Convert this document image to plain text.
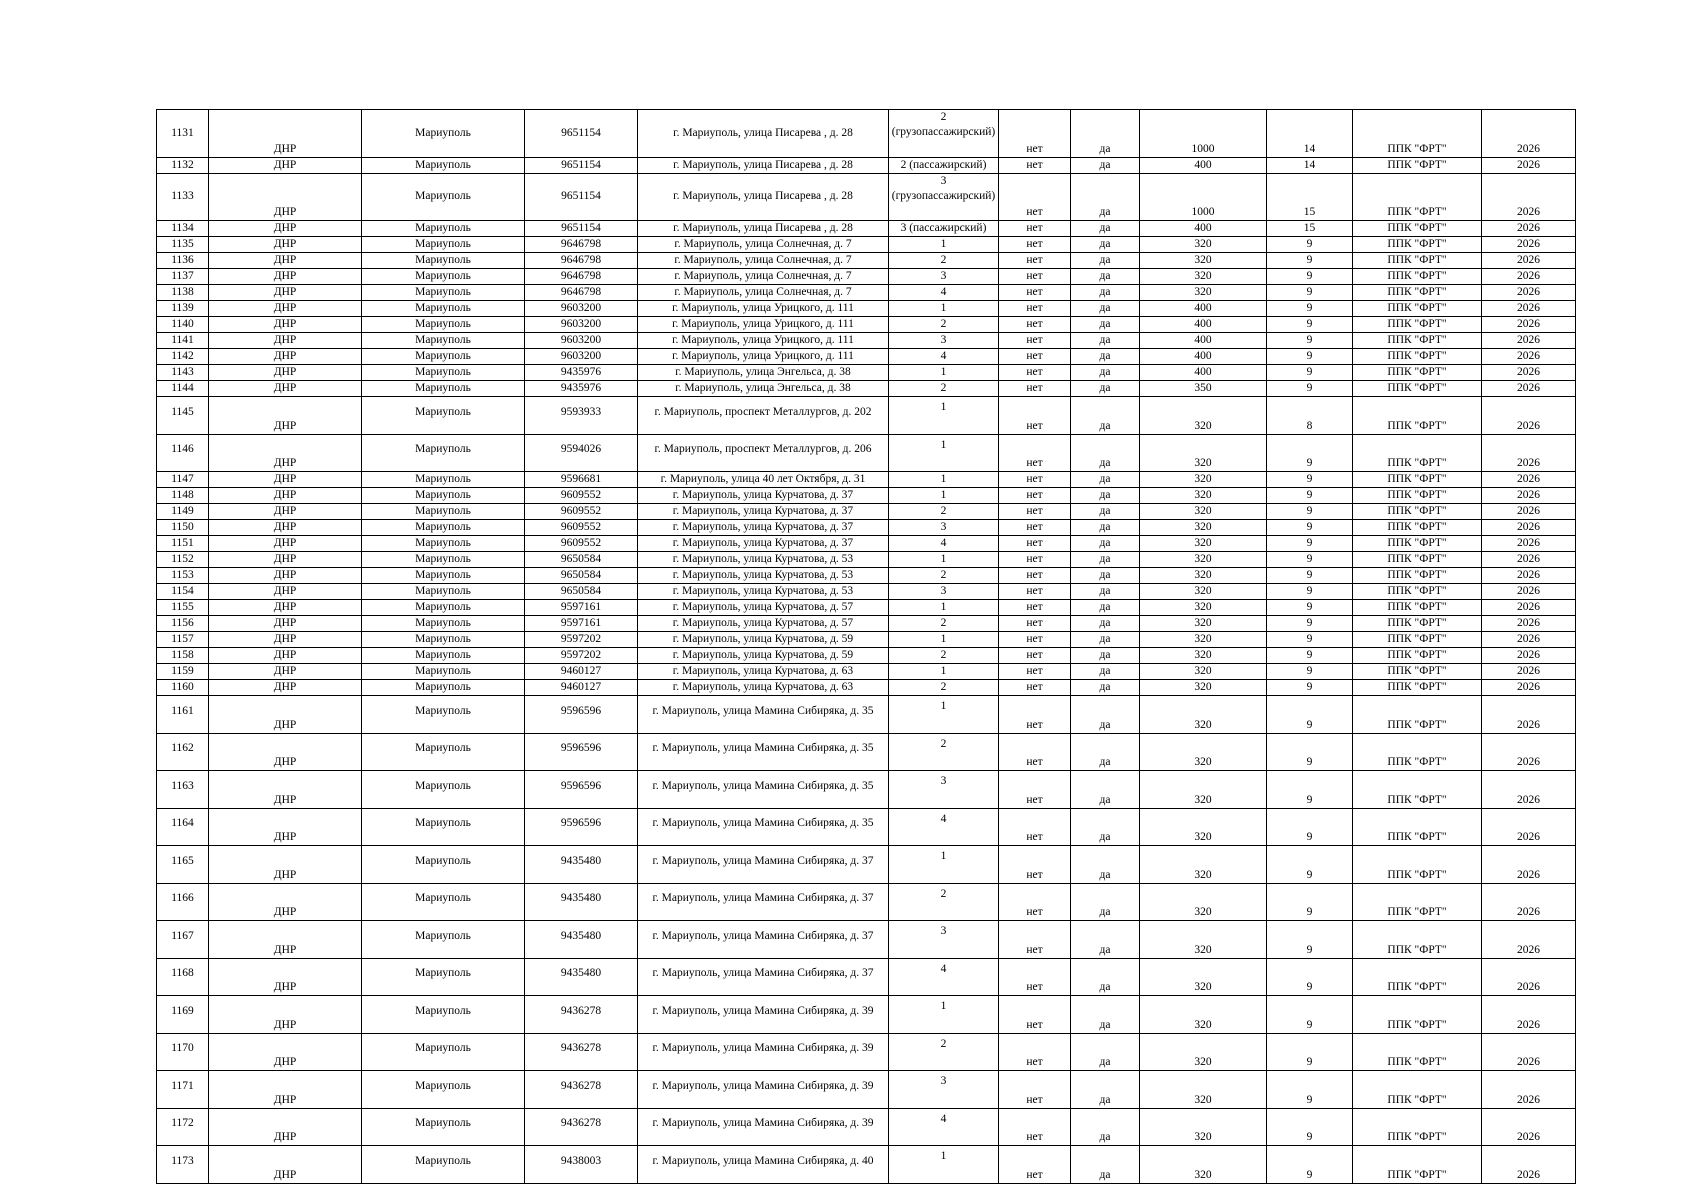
1131	ДНР	Мариуполь	9651154	г. Мариуполь, улица Писарева , д. 28	2 (грузопассажирский)	нет	да	1000	14	ППК "ФРТ"	2026
1132	ДНР	Мариуполь	9651154	г. Мариуполь, улица Писарева , д. 28	2 (пассажирский)	нет	да	400	14	ППК "ФРТ"	2026
1133	ДНР	Мариуполь	9651154	г. Мариуполь, улица Писарева , д. 28	3 (грузопассажирский)	нет	да	1000	15	ППК "ФРТ"	2026
1134	ДНР	Мариуполь	9651154	г. Мариуполь, улица Писарева , д. 28	3 (пассажирский)	нет	да	400	15	ППК "ФРТ"	2026
1135	ДНР	Мариуполь	9646798	г. Мариуполь, улица Солнечная, д. 7	1	нет	да	320	9	ППК "ФРТ"	2026
1136	ДНР	Мариуполь	9646798	г. Мариуполь, улица Солнечная, д. 7	2	нет	да	320	9	ППК "ФРТ"	2026
1137	ДНР	Мариуполь	9646798	г. Мариуполь, улица Солнечная, д. 7	3	нет	да	320	9	ППК "ФРТ"	2026
1138	ДНР	Мариуполь	9646798	г. Мариуполь, улица Солнечная, д. 7	4	нет	да	320	9	ППК "ФРТ"	2026
1139	ДНР	Мариуполь	9603200	г. Мариуполь, улица Урицкого, д. 111	1	нет	да	400	9	ППК "ФРТ"	2026
1140	ДНР	Мариуполь	9603200	г. Мариуполь, улица Урицкого, д. 111	2	нет	да	400	9	ППК "ФРТ"	2026
1141	ДНР	Мариуполь	9603200	г. Мариуполь, улица Урицкого, д. 111	3	нет	да	400	9	ППК "ФРТ"	2026
1142	ДНР	Мариуполь	9603200	г. Мариуполь, улица Урицкого, д. 111	4	нет	да	400	9	ППК "ФРТ"	2026
1143	ДНР	Мариуполь	9435976	г. Мариуполь, улица Энгельса, д. 38	1	нет	да	400	9	ППК "ФРТ"	2026
1144	ДНР	Мариуполь	9435976	г. Мариуполь, улица Энгельса, д. 38	2	нет	да	350	9	ППК "ФРТ"	2026
1145	ДНР	Мариуполь	9593933	г. Мариуполь, проспект Металлургов, д. 202	1	нет	да	320	8	ППК "ФРТ"	2026
1146	ДНР	Мариуполь	9594026	г. Мариуполь, проспект Металлургов, д. 206	1	нет	да	320	9	ППК "ФРТ"	2026
1147	ДНР	Мариуполь	9596681	г. Мариуполь, улица 40 лет Октября, д. 31	1	нет	да	320	9	ППК "ФРТ"	2026
1148	ДНР	Мариуполь	9609552	г. Мариуполь, улица Курчатова, д. 37	1	нет	да	320	9	ППК "ФРТ"	2026
1149	ДНР	Мариуполь	9609552	г. Мариуполь, улица Курчатова, д. 37	2	нет	да	320	9	ППК "ФРТ"	2026
1150	ДНР	Мариуполь	9609552	г. Мариуполь, улица Курчатова, д. 37	3	нет	да	320	9	ППК "ФРТ"	2026
1151	ДНР	Мариуполь	9609552	г. Мариуполь, улица Курчатова, д. 37	4	нет	да	320	9	ППК "ФРТ"	2026
1152	ДНР	Мариуполь	9650584	г. Мариуполь, улица Курчатова, д. 53	1	нет	да	320	9	ППК "ФРТ"	2026
1153	ДНР	Мариуполь	9650584	г. Мариуполь, улица Курчатова, д. 53	2	нет	да	320	9	ППК "ФРТ"	2026
1154	ДНР	Мариуполь	9650584	г. Мариуполь, улица Курчатова, д. 53	3	нет	да	320	9	ППК "ФРТ"	2026
1155	ДНР	Мариуполь	9597161	г. Мариуполь, улица Курчатова, д. 57	1	нет	да	320	9	ППК "ФРТ"	2026
1156	ДНР	Мариуполь	9597161	г. Мариуполь, улица Курчатова, д. 57	2	нет	да	320	9	ППК "ФРТ"	2026
1157	ДНР	Мариуполь	9597202	г. Мариуполь, улица Курчатова, д. 59	1	нет	да	320	9	ППК "ФРТ"	2026
1158	ДНР	Мариуполь	9597202	г. Мариуполь, улица Курчатова, д. 59	2	нет	да	320	9	ППК "ФРТ"	2026
1159	ДНР	Мариуполь	9460127	г. Мариуполь, улица Курчатова, д. 63	1	нет	да	320	9	ППК "ФРТ"	2026
1160	ДНР	Мариуполь	9460127	г. Мариуполь, улица Курчатова, д. 63	2	нет	да	320	9	ППК "ФРТ"	2026
1161	ДНР	Мариуполь	9596596	г. Мариуполь, улица Мамина Сибиряка, д. 35	1	нет	да	320	9	ППК "ФРТ"	2026
1162	ДНР	Мариуполь	9596596	г. Мариуполь, улица Мамина Сибиряка, д. 35	2	нет	да	320	9	ППК "ФРТ"	2026
1163	ДНР	Мариуполь	9596596	г. Мариуполь, улица Мамина Сибиряка, д. 35	3	нет	да	320	9	ППК "ФРТ"	2026
1164	ДНР	Мариуполь	9596596	г. Мариуполь, улица Мамина Сибиряка, д. 35	4	нет	да	320	9	ППК "ФРТ"	2026
1165	ДНР	Мариуполь	9435480	г. Мариуполь, улица Мамина Сибиряка, д. 37	1	нет	да	320	9	ППК "ФРТ"	2026
1166	ДНР	Мариуполь	9435480	г. Мариуполь, улица Мамина Сибиряка, д. 37	2	нет	да	320	9	ППК "ФРТ"	2026
1167	ДНР	Мариуполь	9435480	г. Мариуполь, улица Мамина Сибиряка, д. 37	3	нет	да	320	9	ППК "ФРТ"	2026
1168	ДНР	Мариуполь	9435480	г. Мариуполь, улица Мамина Сибиряка, д. 37	4	нет	да	320	9	ППК "ФРТ"	2026
1169	ДНР	Мариуполь	9436278	г. Мариуполь, улица Мамина Сибиряка, д. 39	1	нет	да	320	9	ППК "ФРТ"	2026
1170	ДНР	Мариуполь	9436278	г. Мариуполь, улица Мамина Сибиряка, д. 39	2	нет	да	320	9	ППК "ФРТ"	2026
1171	ДНР	Мариуполь	9436278	г. Мариуполь, улица Мамина Сибиряка, д. 39	3	нет	да	320	9	ППК "ФРТ"	2026
1172	ДНР	Мариуполь	9436278	г. Мариуполь, улица Мамина Сибиряка, д. 39	4	нет	да	320	9	ППК "ФРТ"	2026
1173	ДНР	Мариуполь	9438003	г. Мариуполь, улица Мамина Сибиряка, д. 40	1	нет	да	320	9	ППК "ФРТ"	2026
